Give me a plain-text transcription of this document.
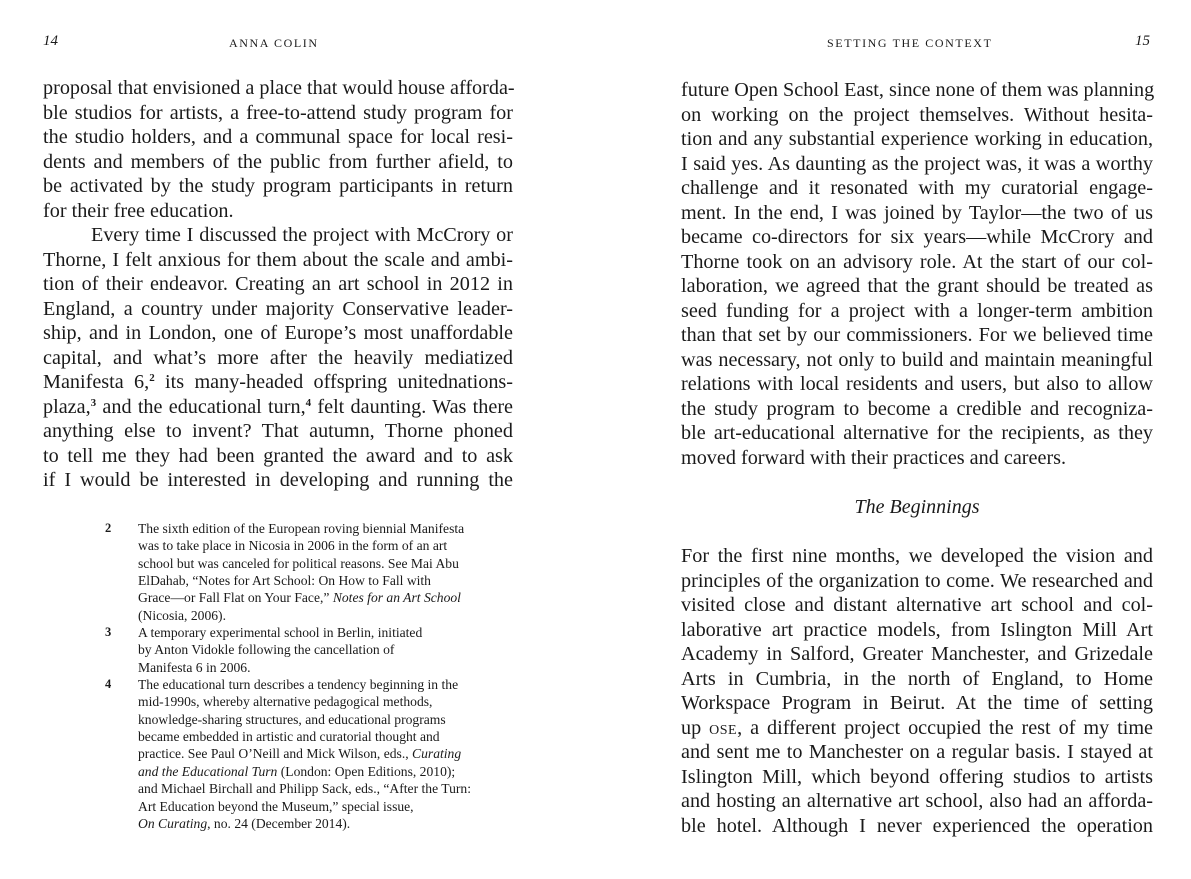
14	ANNA COLIN
proposal that envisioned a place that would house afforda-
ble studios for artists, a free-to-attend study program for
the studio holders, and a communal space for local resi-
dents and members of the public from further afield, to
be activated by the study program participants in return
for their free education.
Every time I discussed the project with McCrory or
Thorne, I felt anxious for them about the scale and ambi-
tion of their endeavor. Creating an art school in 2012 in
England, a country under majority Conservative leader-
ship, and in London, one of Europe’s most unaffordable
capital, and what’s more after the heavily mediatized
Manifesta 6,$^2$ its many-headed offspring unitednations-
plaza,$^3$ and the educational turn,$^4$ felt daunting. Was there
anything else to invent? That autumn, Thorne phoned
to tell me they had been granted the award and to ask
if I would be interested in developing and running the
2 The sixth edition of the European roving biennial Manifesta
was to take place in Nicosia in 2006 in the form of an art
school but was canceled for political reasons. See Mai Abu
ElDahab, “Notes for Art School: On How to Fall with
Grace—or Fall Flat on Your Face,” Notes for an Art School
(Nicosia, 2006).
3 A temporary experimental school in Berlin, initiated
by Anton Vidokle following the cancellation of
Manifesta 6 in 2006.
4 The educational turn describes a tendency beginning in the
mid-1990s, whereby alternative pedagogical methods,
knowledge-sharing structures, and educational programs
became embedded in artistic and curatorial thought and
practice. See Paul O’Neill and Mick Wilson, eds., Curating
and the Educational Turn (London: Open Editions, 2010);
and Michael Birchall and Philipp Sack, eds., “After the Turn:
Art Education beyond the Museum,” special issue,
On Curating, no. 24 (December 2014).
SETTING THE CONTEXT	15
future Open School East, since none of them was planning
on working on the project themselves. Without hesita-
tion and any substantial experience working in education,
I said yes. As daunting as the project was, it was a worthy
challenge and it resonated with my curatorial engage-
ment. In the end, I was joined by Taylor—the two of us
became co-directors for six years—while McCrory and
Thorne took on an advisory role. At the start of our col-
laboration, we agreed that the grant should be treated as
seed funding for a project with a longer-term ambition
than that set by our commissioners. For we believed time
was necessary, not only to build and maintain meaningful
relations with local residents and users, but also to allow
the study program to become a credible and recogniza-
ble art-educational alternative for the recipients, as they
moved forward with their practices and careers.
The Beginnings
For the first nine months, we developed the vision and
principles of the organization to come. We researched and
visited close and distant alternative art school and col-
laborative art practice models, from Islington Mill Art
Academy in Salford, Greater Manchester, and Grizedale
Arts in Cumbria, in the north of England, to Home
Workspace Program in Beirut. At the time of setting
up ose, a different project occupied the rest of my time
and sent me to Manchester on a regular basis. I stayed at
Islington Mill, which beyond offering studios to artists
and hosting an alternative art school, also had an afforda-
ble hotel. Although I never experienced the operation
